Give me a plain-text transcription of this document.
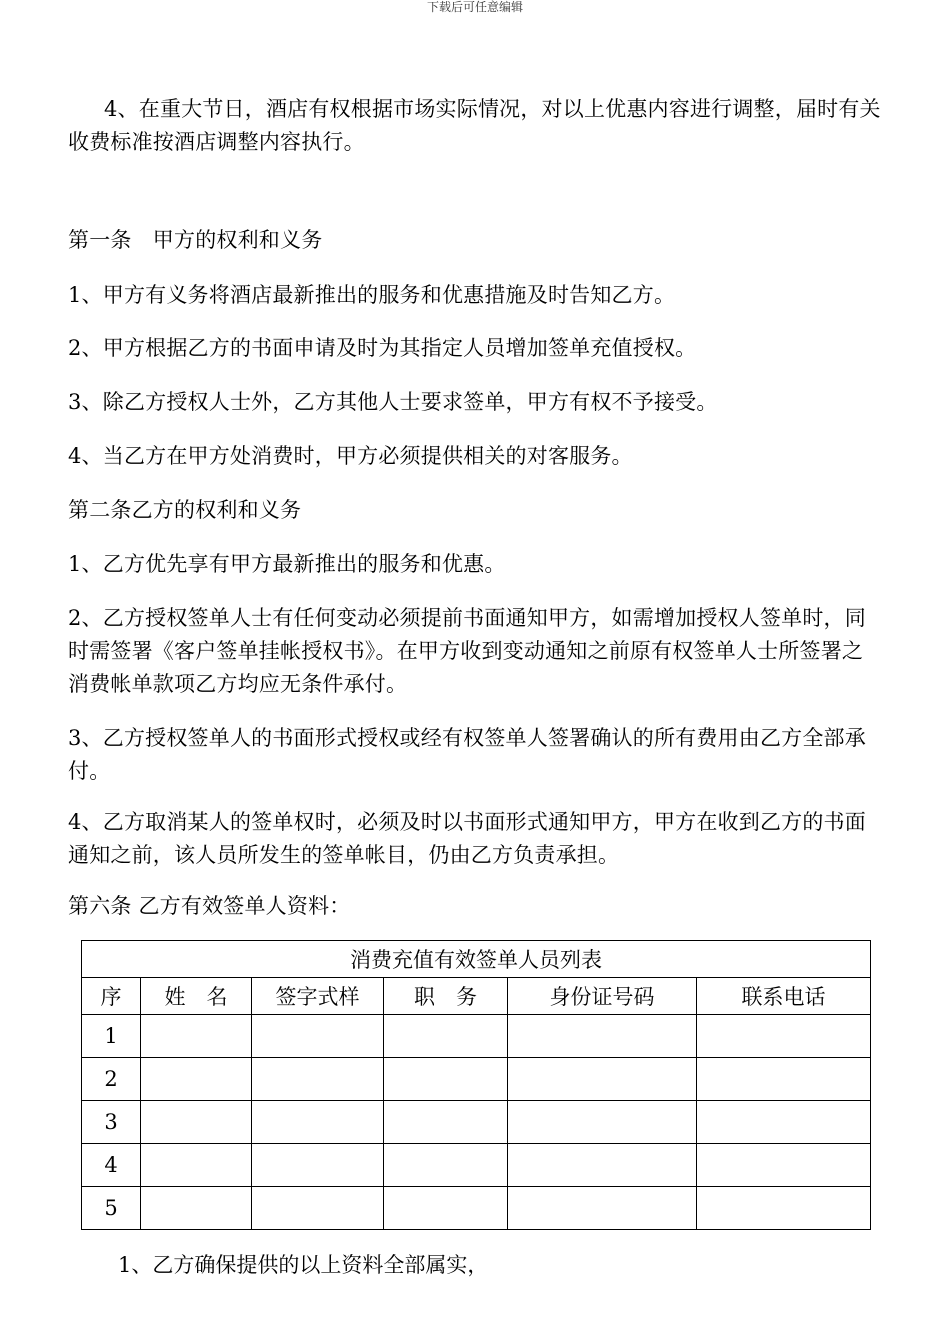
下载后可任意编辑
4、在重大节日，酒店有权根据市场实际情况，对以上优惠内容进行调整，届时有关收费标准按酒店调整内容执行。
第一条　甲方的权利和义务
1、甲方有义务将酒店最新推出的服务和优惠措施及时告知乙方。
2、甲方根据乙方的书面申请及时为其指定人员增加签单充值授权。
3、除乙方授权人士外，乙方其他人士要求签单，甲方有权不予接受。
4、当乙方在甲方处消费时，甲方必须提供相关的对客服务。
第二条乙方的权利和义务
1、乙方优先享有甲方最新推出的服务和优惠。
2、乙方授权签单人士有任何变动必须提前书面通知甲方，如需增加授权人签单时，同时需签署《客户签单挂帐授权书》。在甲方收到变动通知之前原有权签单人士所签署之消费帐单款项乙方均应无条件承付。
3、乙方授权签单人的书面形式授权或经有权签单人签署确认的所有费用由乙方全部承付。
4、乙方取消某人的签单权时，必须及时以书面形式通知甲方，甲方在收到乙方的书面通知之前，该人员所发生的签单帐目，仍由乙方负责承担。
第六条 乙方有效签单人资料：
消费充值有效签单人员列表					
序	姓　名	签字式样	职　务	身份证号码	联系电话
1					
2					
3					
4					
5					
1、乙方确保提供的以上资料全部属实，
